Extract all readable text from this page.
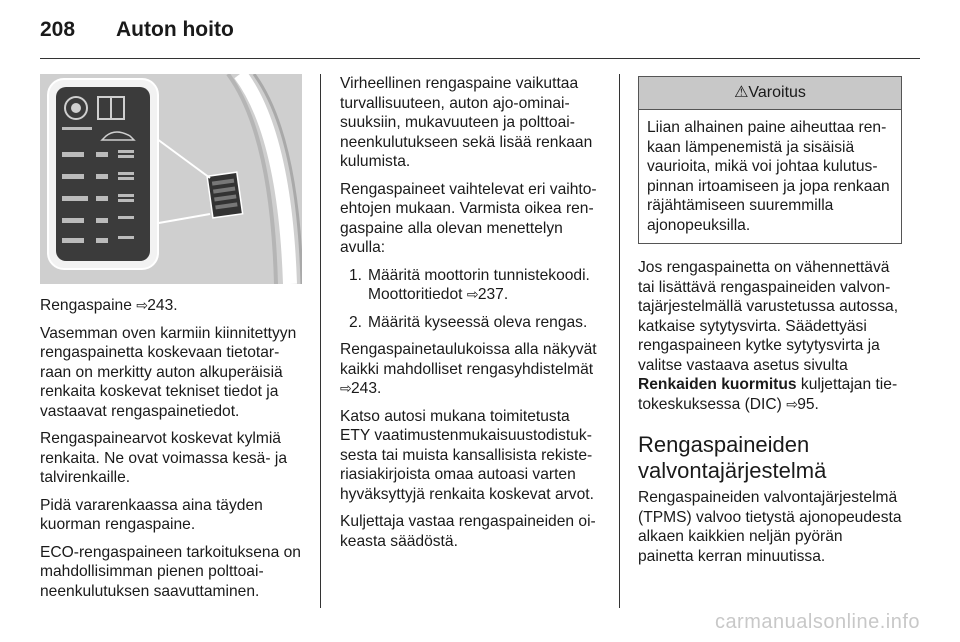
208	Auton hoito

Rengaspaine ⇨243.

Vasemman oven karmiin kiinnitettyyn rengaspainetta koskevaan tietotarraan on merkitty auton alkuperäisiä renkaita koskevat tekniset tiedot ja vastaavat rengaspainetiedot.

Rengaspainearvot koskevat kylmiä renkaita. Ne ovat voimassa kesä- ja talvirenkaille.

Pidä vararenkaassa aina täyden kuorman rengaspaine.

ECO-rengaspaineen tarkoituksena on mahdollisimman pienen polttoaineenkulutuksen saavuttaminen.

Virheellinen rengaspaine vaikuttaa turvallisuuteen, auton ajo-ominaisuuksiin, mukavuuteen ja polttoaineenkulutukseen sekä lisää renkaan kulumista.

Rengaspaineet vaihtelevat eri vaihtoehtojen mukaan. Varmista oikea rengaspaine alla olevan menettelyn avulla:

1. Määritä moottorin tunnistekoodi. Moottoritiedot ⇨237.
2. Määritä kyseessä oleva rengas.

Rengaspainetaulukoissa alla näkyvät kaikki mahdolliset rengasyhdistelmät ⇨243.

Katso autosi mukana toimitetusta ETY vaatimustenmukaisuustodistuksesta tai muista kansallisista rekisteriasiakirjoista omaa autoasi varten hyväksyttyjä renkaita koskevat arvot.

Kuljettaja vastaa rengaspaineiden oikeasta säädöstä.

⚠Varoitus
Liian alhainen paine aiheuttaa renkaan lämpenemistä ja sisäisiä vaurioita, mikä voi johtaa kulutuspinnan irtoamiseen ja jopa renkaan räjähtämiseen suuremmilla ajonopeuksilla.

Jos rengaspainetta on vähennettävä tai lisättävä rengaspaineiden valvontajärjestelmällä varustetussa autossa, katkaise sytytysvirta. Säädettyäsi rengaspaineen kytke sytytysvirta ja valitse vastaava asetus sivulta Renkaiden kuormitus kuljettajan tietokeskuksessa (DIC) ⇨95.

Rengaspaineiden valvontajärjestelmä

Rengaspaineiden valvontajärjestelmä (TPMS) valvoo tietystä ajonopeudesta alkaen kaikkien neljän pyörän painetta kerran minuutissa.

carmanualsonline.info
